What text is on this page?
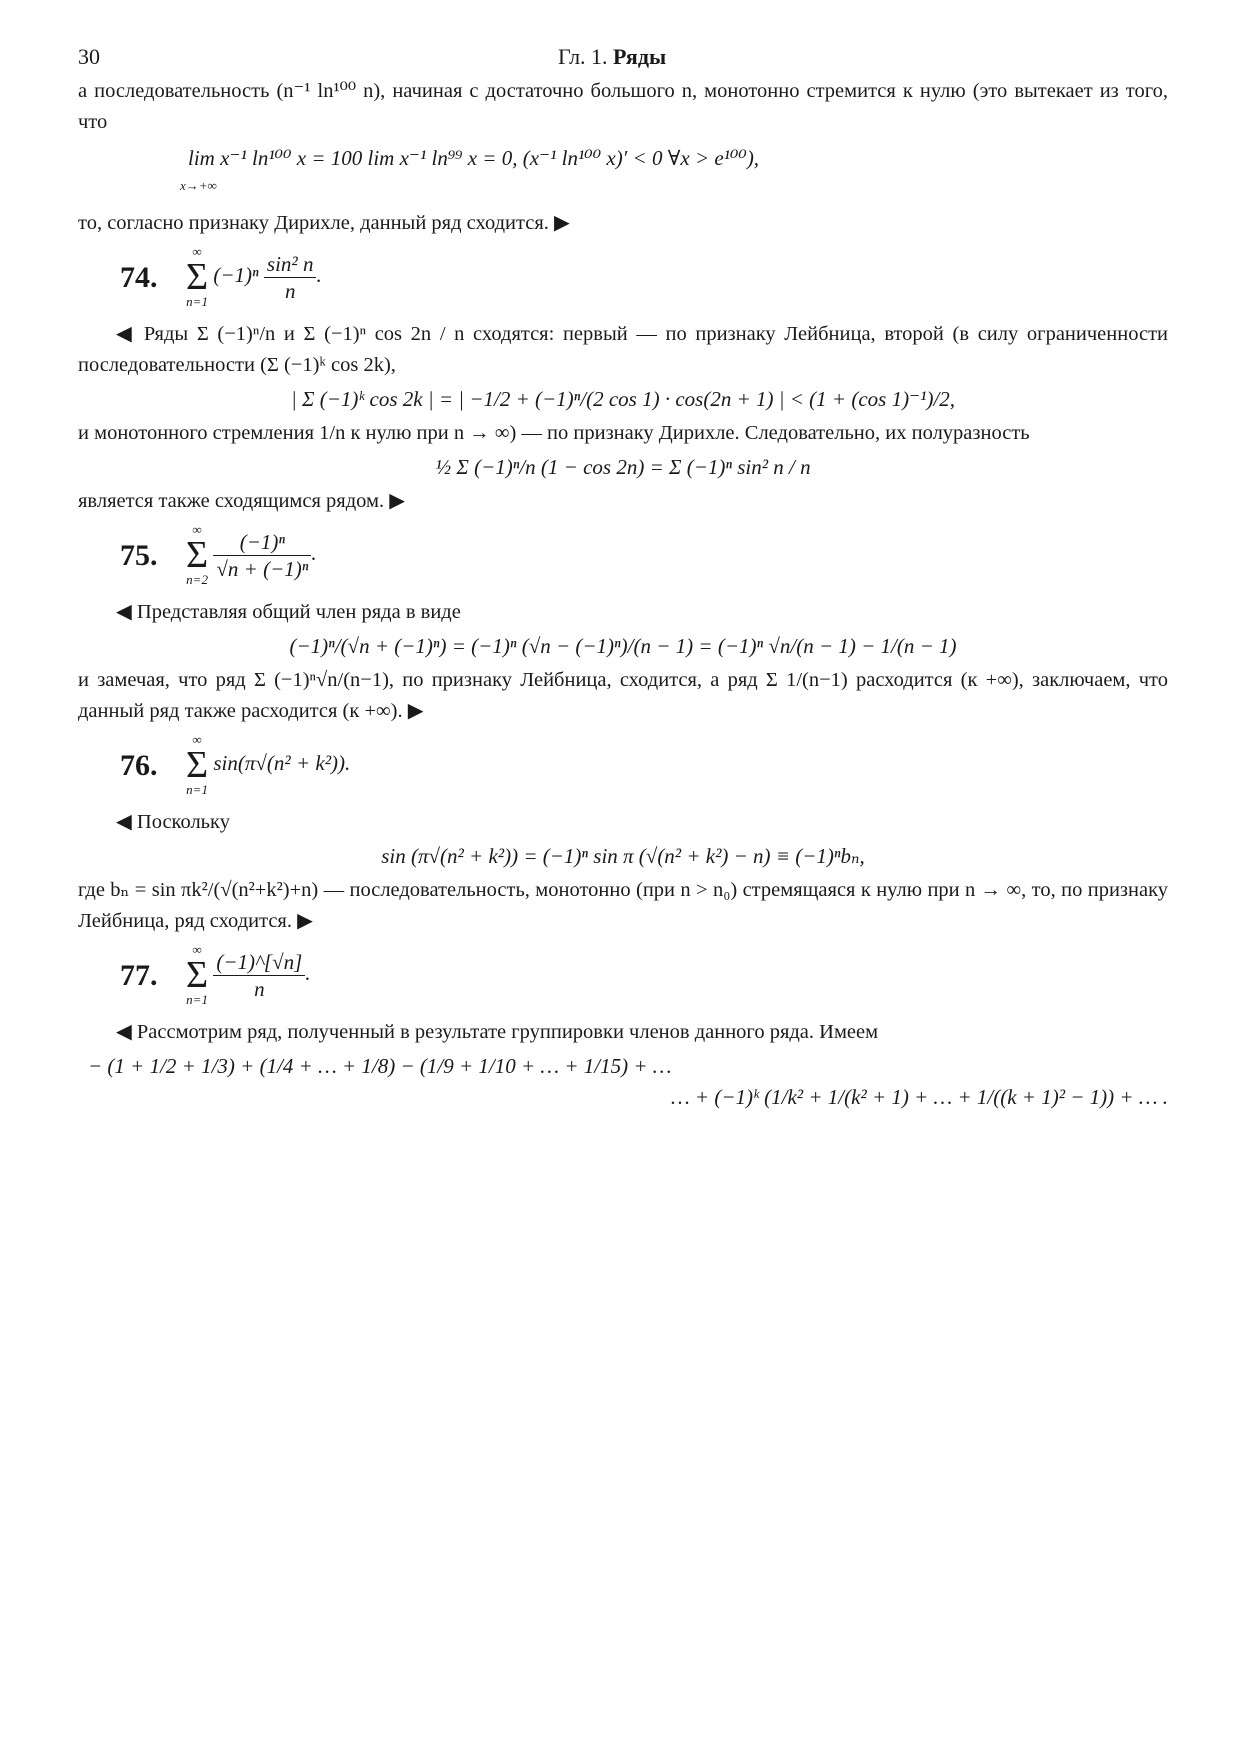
30	Гл. 1. Ряды

а последовательность (n⁻¹ ln¹⁰⁰ n), начиная с достаточно большого n, монотонно стремится к нулю (это вытекает из того, что

lim x⁻¹ ln¹⁰⁰ x = 100 lim x⁻¹ ln⁹⁹ x = 0, (x⁻¹ ln¹⁰⁰ x)′ < 0 ∀x > e¹⁰⁰),
x→+∞

то, согласно признаку Дирихле, данный ряд сходится. ▶

74.
∞
Σ
n=1
$(-1)^n \frac{\text{sin² n}}{n}$ .

◀ Ряды Σ (−1)ⁿ/n и Σ (−1)ⁿ cos 2n / n сходятся: первый — по признаку Лейбница, второй (в силу ограниченности последовательности (Σ (−1)ᵏ cos 2k),

| Σ (−1)ᵏ cos 2k | = | −1/2 + (−1)ⁿ/(2 cos 1) · cos(2n + 1) | < (1 + (cos 1)⁻¹)/2,

и монотонного стремления 1/n к нулю при n → ∞) — по признаку Дирихле. Следовательно, их полуразность

½ Σ (−1)ⁿ/n (1 − cos 2n) = Σ (−1)ⁿ sin² n / n

является также сходящимся рядом. ▶

75.
∞
Σ
n=2
$\frac{\text{(−1)ⁿ}}{\text{√n + (−1)ⁿ}}$ .

◀ Представляя общий член ряда в виде

(−1)ⁿ/(√n + (−1)ⁿ) = (−1)ⁿ (√n − (−1)ⁿ)/(n − 1) = (−1)ⁿ √n/(n − 1) − 1/(n − 1)

и замечая, что ряд Σ (−1)ⁿ√n/(n−1), по признаку Лейбница, сходится, а ряд Σ 1/(n−1) расходится (к +∞), заключаем, что данный ряд также расходится (к +∞). ▶

76.
∞
Σ
n=1
sin(π√(n² + k²)).

◀ Поскольку

sin (π√(n² + k²)) = (−1)ⁿ sin π (√(n² + k²) − n) ≡ (−1)ⁿbₙ,

где bₙ = sin πk²/(√(n²+k²)+n) — последовательность, монотонно (при n > n₀) стремящаяся к нулю при n → ∞, то, по признаку Лейбница, ряд сходится. ▶

77.
∞
Σ
n=1
$\frac{(-1)\^{}[√n]}{n}$ .

◀ Рассмотрим ряд, полученный в результате группировки членов данного ряда. Имеем

− (1 + 1/2 + 1/3) + (1/4 + … + 1/8) − (1/9 + 1/10 + … + 1/15) + …
… + (−1)ᵏ (1/k² + 1/(k² + 1) + … + 1/((k + 1)² − 1)) + … .
